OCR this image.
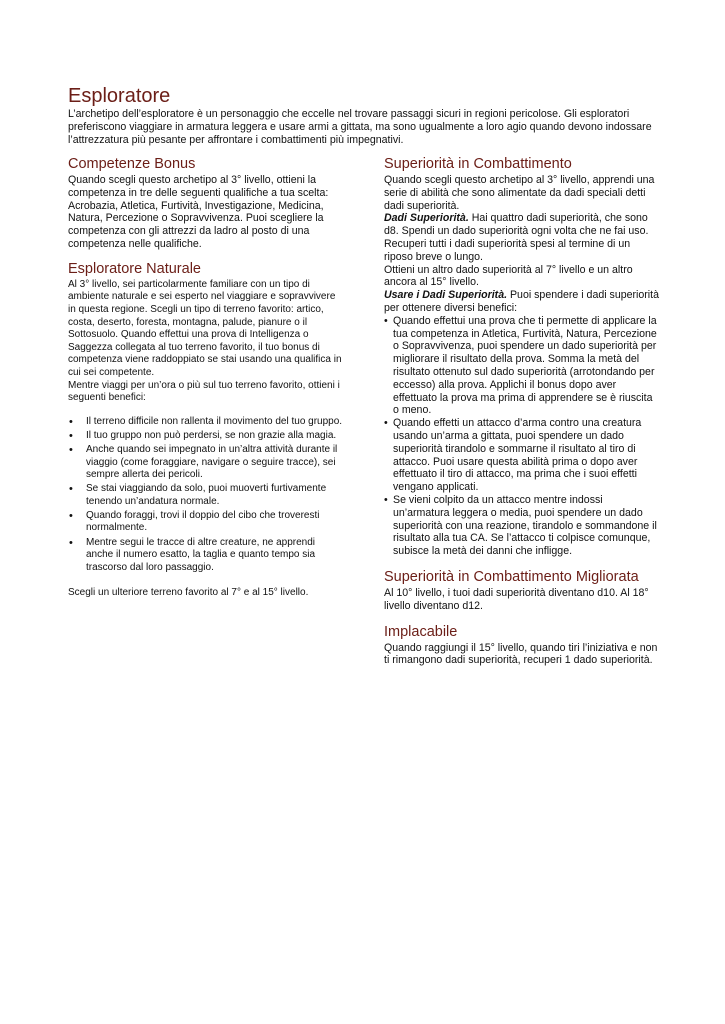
Esploratore

L’archetipo dell’esploratore è un personaggio che eccelle nel trovare passaggi sicuri in regioni pericolose. Gli esploratori preferiscono viaggiare in armatura leggera e usare armi a gittata, ma sono ugualmente a loro agio quando devono indossare l’attrezzatura più pesante per affrontare i combattimenti più impegnativi.

Competenze Bonus

Quando scegli questo archetipo al 3° livello, ottieni la competenza in tre delle seguenti qualifiche a tua scelta: Acrobazia, Atletica, Furtività, Investigazione, Medicina, Natura, Percezione o Sopravvivenza. Puoi scegliere la competenza con gli attrezzi da ladro al posto di una competenza nelle qualifiche.

Esploratore Naturale

Al 3° livello, sei particolarmente familiare con un tipo di ambiente naturale e sei esperto nel viaggiare e sopravvivere in questa regione. Scegli un tipo di terreno favorito: artico, costa, deserto, foresta, montagna, palude, pianure o il Sottosuolo. Quando effettui una prova di Intelligenza o Saggezza collegata al tuo terreno favorito, il tuo bonus di competenza viene raddoppiato se stai usando una qualifica in cui sei competente.

Mentre viaggi per un’ora o più sul tuo terreno favorito, ottieni i seguenti benefici:

• Il terreno difficile non rallenta il movimento del tuo gruppo.
• Il tuo gruppo non può perdersi, se non grazie alla magia.
• Anche quando sei impegnato in un’altra attività durante il viaggio (come foraggiare, navigare o seguire tracce), sei sempre allerta dei pericoli.
• Se stai viaggiando da solo, puoi muoverti furtivamente tenendo un’andatura normale.
• Quando foraggi, trovi il doppio del cibo che troveresti normalmente.
• Mentre segui le tracce di altre creature, ne apprendi anche il numero esatto, la taglia e quanto tempo sia trascorso dal loro passaggio.

Scegli un ulteriore terreno favorito al 7° e al 15° livello.

Superiorità in Combattimento

Quando scegli questo archetipo al 3° livello, apprendi una serie di abilità che sono alimentate da dadi speciali detti dadi superiorità.

Dadi Superiorità. Hai quattro dadi superiorità, che sono d8. Spendi un dado superiorità ogni volta che ne fai uso. Recuperi tutti i dadi superiorità spesi al termine di un riposo breve o lungo.

Ottieni un altro dado superiorità al 7° livello e un altro ancora al 15° livello.

Usare i Dadi Superiorità. Puoi spendere i dadi superiorità per ottenere diversi benefici:

• Quando effettui una prova che ti permette di applicare la tua competenza in Atletica, Furtività, Natura, Percezione o Sopravvivenza, puoi spendere un dado superiorità per migliorare il risultato della prova. Somma la metà del risultato ottenuto sul dado superiorità (arrotondando per eccesso) alla prova. Applichi il bonus dopo aver effettuato la prova ma prima di apprendere se è riuscita o meno.
• Quando effetti un attacco d’arma contro una creatura usando un’arma a gittata, puoi spendere un dado superiorità tirandolo e sommarne il risultato al tiro di attacco. Puoi usare questa abilità prima o dopo aver effettuato il tiro di attacco, ma prima che i suoi effetti vengano applicati.
• Se vieni colpito da un attacco mentre indossi un’armatura leggera o media, puoi spendere un dado superiorità con una reazione, tirandolo e sommandone il risultato alla tua CA. Se l’attacco ti colpisce comunque, subisce la metà dei danni che infligge.
Superiorità in Combattimento Migliorata

Al 10° livello, i tuoi dadi superiorità diventano d10. Al 18° livello diventano d12.

Implacabile

Quando raggiungi il 15° livello, quando tiri l’iniziativa e non ti rimangono dadi superiorità, recuperi 1 dado superiorità.
